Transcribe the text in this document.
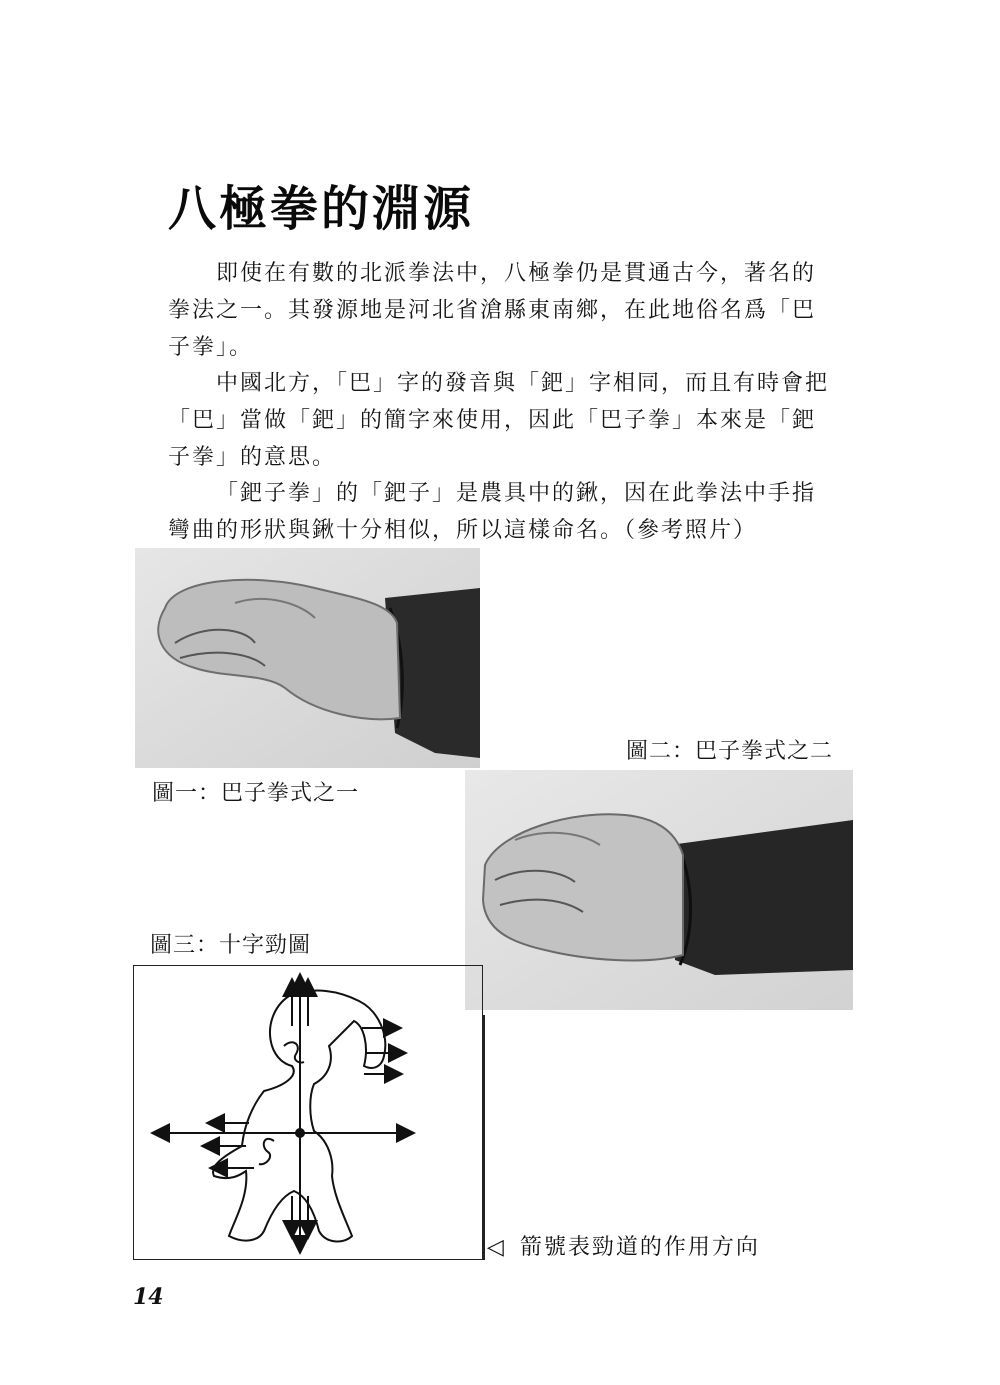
八極拳的淵源

即使在有數的北派拳法中，八極拳仍是貫通古今，著名的拳法之一。其發源地是河北省滄縣東南鄉，在此地俗名爲「巴子拳」。

中國北方，「巴」字的發音與「鈀」字相同，而且有時會把「巴」當做「鈀」的簡字來使用，因此「巴子拳」本來是「鈀子拳」的意思。

「鈀子拳」的「鈀子」是農具中的鍬，因在此拳法中手指彎曲的形狀與鍬十分相似，所以這樣命名。（參考照片）

圖一：巴子拳式之一
圖二：巴子拳式之二
圖三：十字勁圖
◁ 箭號表勁道的作用方向
14
